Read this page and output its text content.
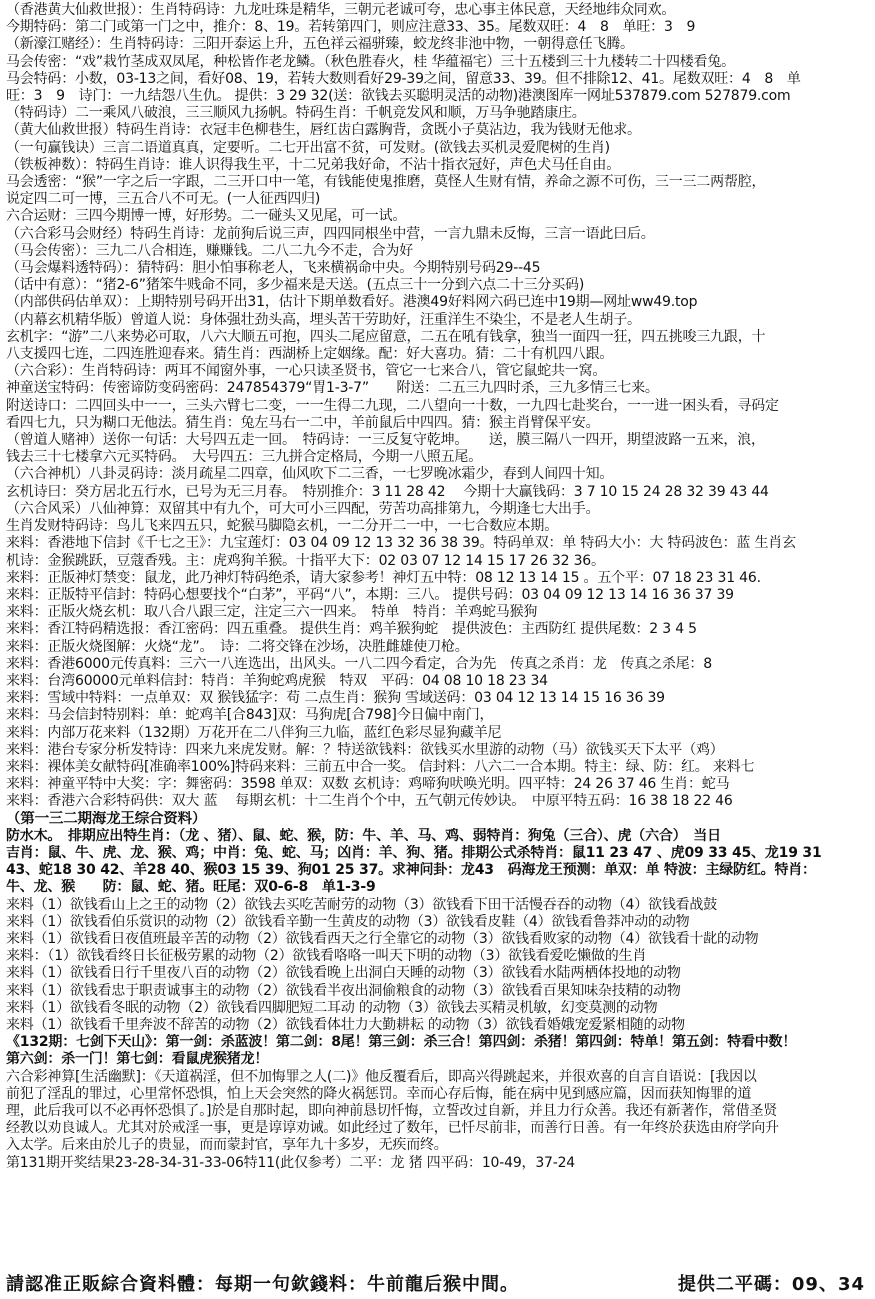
（香港黄大仙救世报）：生肖特码诗：九龙吐珠是精华，三朝元老诚可夸，忠心事主体民意，天经地纬众同欢。
今期特码：第二门或第一门之中，推介：8、19。若转第四门，则应注意33、35。尾数双旺：4　8　单旺：3　9
（新濠江赌经）：生肖特码诗：三阳开泰运上升，五色祥云福骈臻，蛟龙终非池中物，一朝得意任飞腾。
马会传密：“戏”栽竹茎成双凤尾，种松皆作老龙鳞。（秋色胜春火，桂 华蕴福宅）三十五楼到三十九楼转二十四楼看兔。
马会特码：小数，03-13之间，看好08、19，若转大数则看好29-39之间，留意33、39。但不排除12、41。尾数双旺：4　8　单
旺：3　9　诗门：一九结怨八生仇。 提供：3 29 32(送：欲钱去买聪明灵活的动物)港澳图库一网址537879.com 527879.com
（特码诗）二一乘风八破浪，三三顺风九扬帆。特码生肖：千帆竞发风和顺，万马争驰踏康庄。
（黄大仙救世报）特码生肖诗：衣冠丰色柳巷生，唇红齿白露胸背，贪既小子莫沾边，我为钱财无他求。
（一句赢钱诀）三言二语道真真，定要听。二七开出富不贫，可发财。(欲钱去买机灵爱爬树的生肖)
（铁板神数）：特码生肖诗：谁人识得我生平，十二兄弟我好命，不沾十指衣冠好，声色犬马任自由。
马会透密：“猴”一字之后一字跟，二三开口中一笔，有钱能使鬼推磨，莫怪人生财有情，养命之源不可伤，三一三二两帮腔，
说定四二可一博，三五合八不可无。(一人征西四归)
六合运财：三四今期博一博，好形势。二一碰头又见尾，可一试。
（六合彩马会财经）特码生肖诗：龙前狗后说三声，四四同根坐中营，一言九鼎未反悔，三言一语此曰后。
（马会传密）：三九二八合相连，赚赚钱。二八二九今不走，合为好
（马会爆料透特码）：猜特码：胆小怕事称老人，飞来横祸命中央。今期特别号码29--45
（话中有意）：“猪2-6”猪笨牛贱命不同，多少福来是天送。(五点三十一分到六点二十三分买码)
（内部供码估单双）：上期特别号码开出31，估计下期单数看好。港澳49好料网六码已连中19期—网址ww49.top
（内幕玄机精华版）曾道人说：身体强壮劲头高，埋头苦干劳助好，汪重洋生不染尘，不是老人生胡子。
玄机字：“游”二八来势必可取，八六大顺五可抱，四头二尾应留意，二五在吼有钱拿，独当一面四一狂，四五挑唆三九跟，十
八支援四七连，二四连胜迎春来。猜生肖：西湖桥上定姻缘。配：好大喜功。猜：二十有机四八跟。
（六合彩）：生肖特码诗：两耳不闻窗外事，一心只读圣贤书，管它一七来合八，管它鼠蛇共一窝。
神童送宝特码：传密谛防变码密码：247854379“胃1-3-7”　　附送：二五三九四时杀，三九多情三七来。
附送诗口：二四回头中一一，三头六臂七二变，一一生得二九现，二八望向一十数，一九四七赴奖台，一一进一困头看，寻码定
看四七九，只为糊口无他法。猜生肖：兔左马右一二中，羊前鼠后中四四。猜：猴主肖臂保平安。
（曾道人赌神）送你一句话：大号四五走一回。　特码诗：一三反复守乾坤。　　送，膜三隔八一四开，期望波路一五来，浪，
钱去三十七楼拿六元买特码。　大号四五：三九拼合定格局，今期一八照五尾。
（六合神机）八卦灵码诗：淡月疏星二四章，仙风吹下二三香，一七罗晚冰霜少，春到人间四十知。
玄机诗曰：癸方居北五行水，已号为无三月春。　特别推介：3 11 28 42　 今期十大赢钱码：3 7 10 15 24 28 32 39 43 44
（六合风采）八仙神算：双留其中有九个，可大可小三四配，劳苦功高排第九，今期逢七大出手。
生肖发财特码诗：鸟儿飞来四五只，蛇猴马脚隐玄机，一二分开二一中，一七合数应本期。
来料：香港地下信封《千七之王》：九宝莲灯：03 04 09 12 13 32 36 38 39。特码单双：单 特码大小：大 特码波色：蓝 生肖玄
机诗：金猴跳跃，豆蔻香残。主：虎鸡狗羊猴。十指平大下：02 03 07 12 14 15 17 26 32 36。
来料：正版神灯禁变：鼠龙，此乃神灯特码绝杀，请大家参考！神灯五中特：08 12 13 14 15 。五个平：07 18 23 31 46.
来料：正版特平信封：特码心想要找个“白茅”，平码“八”，本期：三八。 提供号码：03 04 09 12 13 14 16 36 37 39
来料：正版火烧玄机：取八合八跟三定，注定三六一四来。　特单　特肖：羊鸡蛇马猴狗
来料：香江特码精选报：香江密码：四五重叠。 提供生肖：鸡羊猴狗蛇　提供波色：主西防红 提供尾数：2 3 4 5
来料：正版火烧图解：火烧“龙”。　诗：二将交锋在沙场，决胜雌雄使刀枪。
来料：香港6000元传真料：三六一八连选出，出风头。一八二四今看定，合为先　传真之杀肖：龙　传真之杀尾：8
来料：台湾60000元单料信封：特肖：羊狗蛇鸡虎猴　特双　平码：04 08 10 18 23 34
来料：雪域中特料：一点单双：双 猴钱猛字：苟 二点生肖：猴狗 雪域送码：03 04 12 13 14 15 16 36 39
来料：马会信封特别料：单：蛇鸡羊[合843]双：马狗虎[合798]今日偏中南门，
来料：内部万花来料（132期）万花开在二八伴狗三九临，蓝红色彩尽显狗藏羊尼
来料：港台专家分析发特诗：四来九来虎发财。解：？特送欲钱料：欲钱买水里游的动物（马）欲钱买天下太平（鸡）
来料：裸体美女献特码[准确率100%]特码来料：三前五中合一奖。 信封料：八六二一合本期。特主：绿、防：红。 来料七
来料：神童平特中大奖：字：舞密码：3598 单双：双数 玄机诗：鸡啼狗吠唤光明。四平特：24 26 37 46 生肖：蛇马
来料：香港六合彩特码供：双大 蓝　 每期玄机：十二生肖个个中，五气朝元传妙诀。　中原平特五码：16 38 18 22 46
（第一三二期海龙王综合资料）
防水木。　排期应出特生肖：（龙 、猪）、鼠、蛇、猴，防：牛、羊、马、鸡、弱特肖：狗兔（三合）、虎（六合）　当日
吉肖：鼠、牛、虎、龙、猴、鸡；中肖：兔、蛇、马；凶肖：羊、狗、猪。排期公式杀特肖：鼠11 23 47 、虎09 33 45、龙19 31
43、蛇18 30 42、羊28 40、猴03 15 39、狗01 25 37。求神问卦：龙43　码海龙王预测：单双：单 特波：主绿防红。特肖：
牛、龙、猴　　防：鼠、蛇、猪。旺尾：双0-6-8　单1-3-9
来料（1）欲钱看山上之王的动物（2）欲钱去买吃苦耐劳的动物（3）欲钱看下田干活慢吞吞的动物（4）欲钱看战鼓
来料（1）欲钱看伯乐赏识的动物（2）欲钱看辛勤一生黄皮的动物（3）欲钱看皮鞋（4）欲钱看鲁莽冲动的动物
来料（1）欲钱看日夜值班最辛苦的动物（2）欲钱看西天之行全靠它的动物（3）欲钱看败家的动物（4）欲钱看十龀的动物
来料：（1）欲钱看终日长征极劳累的动物（2）欲钱看咯咯一叫天下明的动物（3）欲钱看爱吃懒做的生肖
来料（1）欲钱看日行千里夜八百的动物（2）欲钱看晚上出洞白天睡的动物（3）欲钱看水陆两栖体投地的动物
来料（1）欲钱看忠于职责诚事主的动物（2）欲钱看半夜出洞偷粮食的动物（3）欲钱看百果知味杂技精的动物
来料（1）欲钱看冬眠的动物（2）欲钱看四脚肥短二耳动 的动物（3）欲钱去买精灵机敏，幻变莫测的动物
来料（1）欲钱看千里奔波不辞苦的动物（2）欲钱看体壮力大勤耕耘 的动物（3）欲钱看婚娥宠爱紧相随的动物
《132期：七剑下天山》：第一剑：杀蓝波！第二剑：8尾！第三剑：杀三合！第四剑：杀猪！第四剑：特单！第五剑：特看中数！
第六剑：杀一门！第七剑：看鼠虎猴猪龙！
六合彩神算[生活幽默]：《天道祸淫，但不加悔罪之人(二)》他反覆看后，即高兴得跳起来，并很欢喜的自言自语说：[我因以
前犯了淫乱的罪过，心里常怀恐惧，怕上天会突然的降火祸惩罚。幸而心存后悔，能在病中见到感应篇，因而获知悔罪的道
理，此后我可以不必再怀恐惧了。]於是自那时起，即向神前恳切忏悔，立誓改过自新，并且力行众善。我还有新著作，常借圣贤
经教以劝良诚人。尤其对於戒淫一事，更是谆谆劝诫。如此经过了数年，已忏尽前非，而善行日善。有一年终於获选由府学向升
入太学。后来由於儿子的贵显，而而蒙封官，享年九十多岁，无疾而终。
第131期开奖结果23-28-34-31-33-06特11(此仅参考）二平：龙 猪 四平码：10-49，37-24
請認准正販綜合資料體：每期一句欽錢料：牛前龍后猴中間。	提供二平碼：09、34
